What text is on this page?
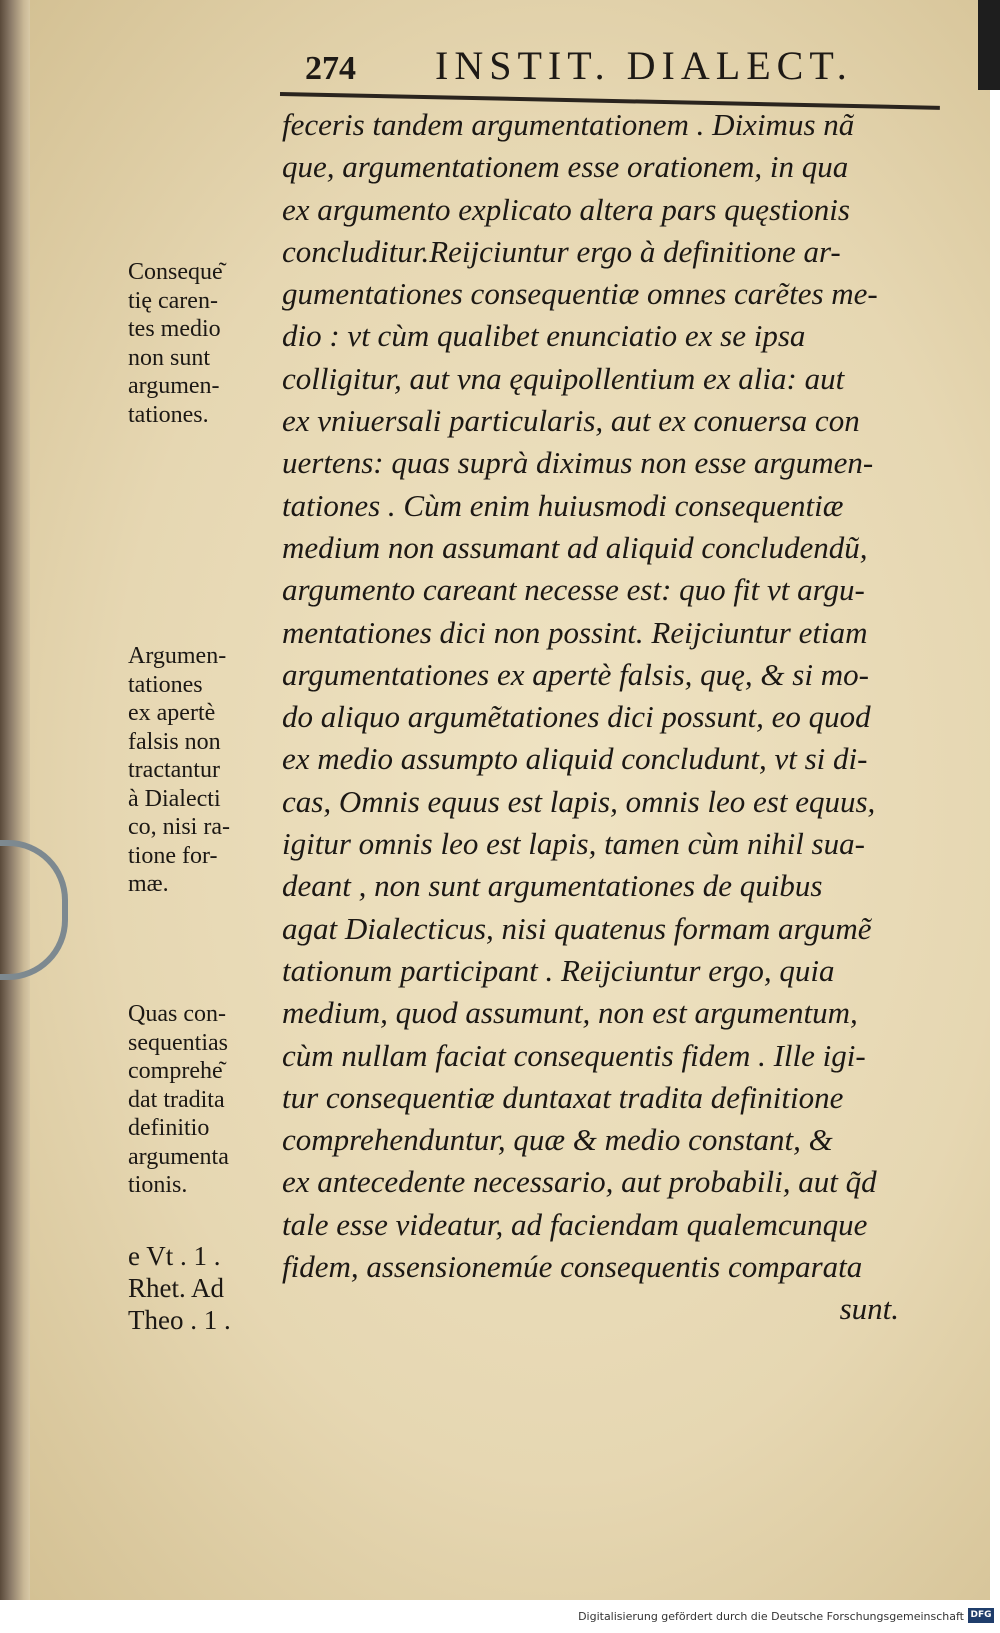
274 INSTIT. DIALECT.
feceris tandem argumentationem . Diximus nã
que, argumentationem esse orationem, in qua
ex argumento explicato altera pars quęstionis
concluditur.Reijciuntur ergo à definitione ar-
gumentationes consequentiæ omnes carẽtes me-
dio : vt cùm qualibet enunciatio ex se ipsa
colligitur, aut vna ęquipollentium ex alia: aut
ex vniuersali particularis, aut ex conuersa con
uertens: quas suprà diximus non esse argumen-
tationes . Cùm enim huiusmodi consequentiæ
medium non assumant ad aliquid concludendũ,
argumento careant necesse est: quo fit vt argu-
mentationes dici non possint. Reijciuntur etiam
argumentationes ex apertè falsis, quę, & si mo-
do aliquo argumẽtationes dici possunt, eo quod
ex medio assumpto aliquid concludunt, vt si di-
cas, Omnis equus est lapis, omnis leo est equus,
igitur omnis leo est lapis, tamen cùm nihil sua-
deant , non sunt argumentationes de quibus
agat Dialecticus, nisi quatenus formam argumẽ
tationum participant . Reijciuntur ergo, quia
medium, quod assumunt, non est argumentum,
cùm nullam faciat consequentis fidem . Ille igi-
tur consequentiæ duntaxat tradita definitione
comprehenduntur, quæ & medio constant, &
ex antecedente necessario, aut probabili, aut q̃d
tale esse videatur, ad faciendam qualemcunque
fidem, assensionemúe consequentis comparata
sunt.
Conseque͂
tię caren-
tes medio
non sunt
argumen-
tationes.
Argumen-
tationes
ex apertè
falsis non
tractantur
à Dialecti
co, nisi ra-
tione for-
mæ.
Quas con-
sequentias
comprehe͂
dat tradita
definitio
argumenta
tionis.
e Vt . 1 .
Rhet. Ad
Theo . 1 .
Digitalisierung gefördert durch die Deutsche Forschungsgemeinschaft DFG
